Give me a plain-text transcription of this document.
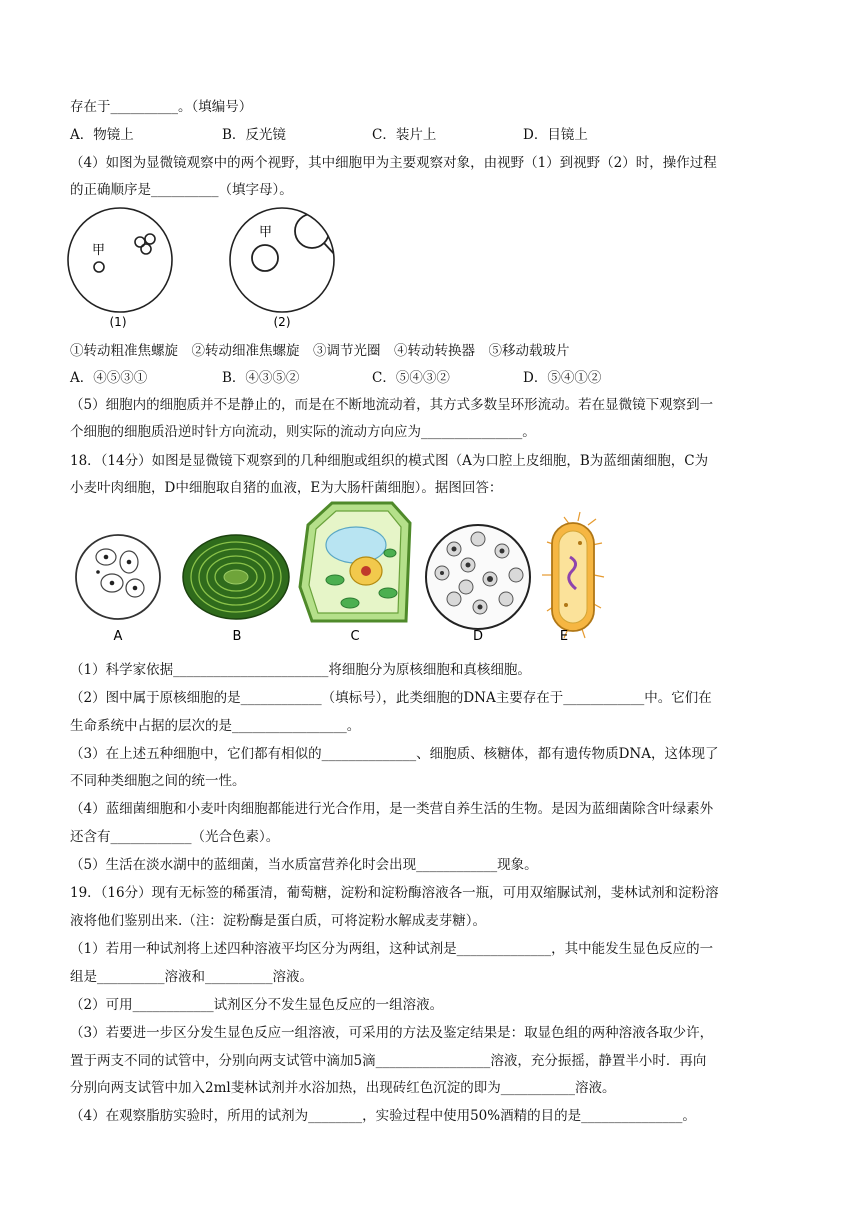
存在于__________。（填编号）
A．物镜上	B．反光镜	C．装片上	D．目镜上
（4）如图为显微镜观察中的两个视野，其中细胞甲为主要观察对象，由视野（1）到视野（2）时，操作过程
的正确顺序是__________（填字母）。
甲
(1)
甲
(2)
①转动粗准焦螺旋　②转动细准焦螺旋　③调节光圈　④转动转换器　⑤移动载玻片
A．④⑤③①	B．④③⑤②	C．⑤④③②	D．⑤④①②
（5）细胞内的细胞质并不是静止的，而是在不断地流动着，其方式多数呈环形流动。若在显微镜下观察到一
个细胞的细胞质沿逆时针方向流动，则实际的流动方向应为_______________。
18．（14分）如图是显微镜下观察到的几种细胞或组织的模式图（A为口腔上皮细胞，B为蓝细菌细胞，C为
小麦叶肉细胞，D中细胞取自猪的血液，E为大肠杆菌细胞）。据图回答：
A	B	C	D	E
（1）科学家依据_______________________将细胞分为原核细胞和真核细胞。
（2）图中属于原核细胞的是____________（填标号），此类细胞的DNA主要存在于____________中。它们在
生命系统中占据的层次的是_________________。
（3）在上述五种细胞中，它们都有相似的______________、细胞质、核糖体，都有遗传物质DNA，这体现了
不同种类细胞之间的统一性。
（4）蓝细菌细胞和小麦叶肉细胞都能进行光合作用，是一类营自养生活的生物。是因为蓝细菌除含叶绿素外
还含有____________（光合色素）。
（5）生活在淡水湖中的蓝细菌，当水质富营养化时会出现____________现象。
19．（16分）现有无标签的稀蛋清，葡萄糖，淀粉和淀粉酶溶液各一瓶，可用双缩脲试剂，斐林试剂和淀粉溶
液将他们鉴别出来.（注：淀粉酶是蛋白质，可将淀粉水解成麦芽糖）。
（1）若用一种试剂将上述四种溶液平均区分为两组，这种试剂是______________，其中能发生显色反应的一
组是__________溶液和__________溶液。
（2）可用____________试剂区分不发生显色反应的一组溶液。
（3）若要进一步区分发生显色反应一组溶液，可采用的方法及鉴定结果是：取显色组的两种溶液各取少许，
置于两支不同的试管中，分别向两支试管中滴加5滴_________________溶液，充分振摇，静置半小时．再向
分别向两支试管中加入2ml斐林试剂并水浴加热，出现砖红色沉淀的即为___________溶液。
（4）在观察脂肪实验时，所用的试剂为________，实验过程中使用50%酒精的目的是_______________。
